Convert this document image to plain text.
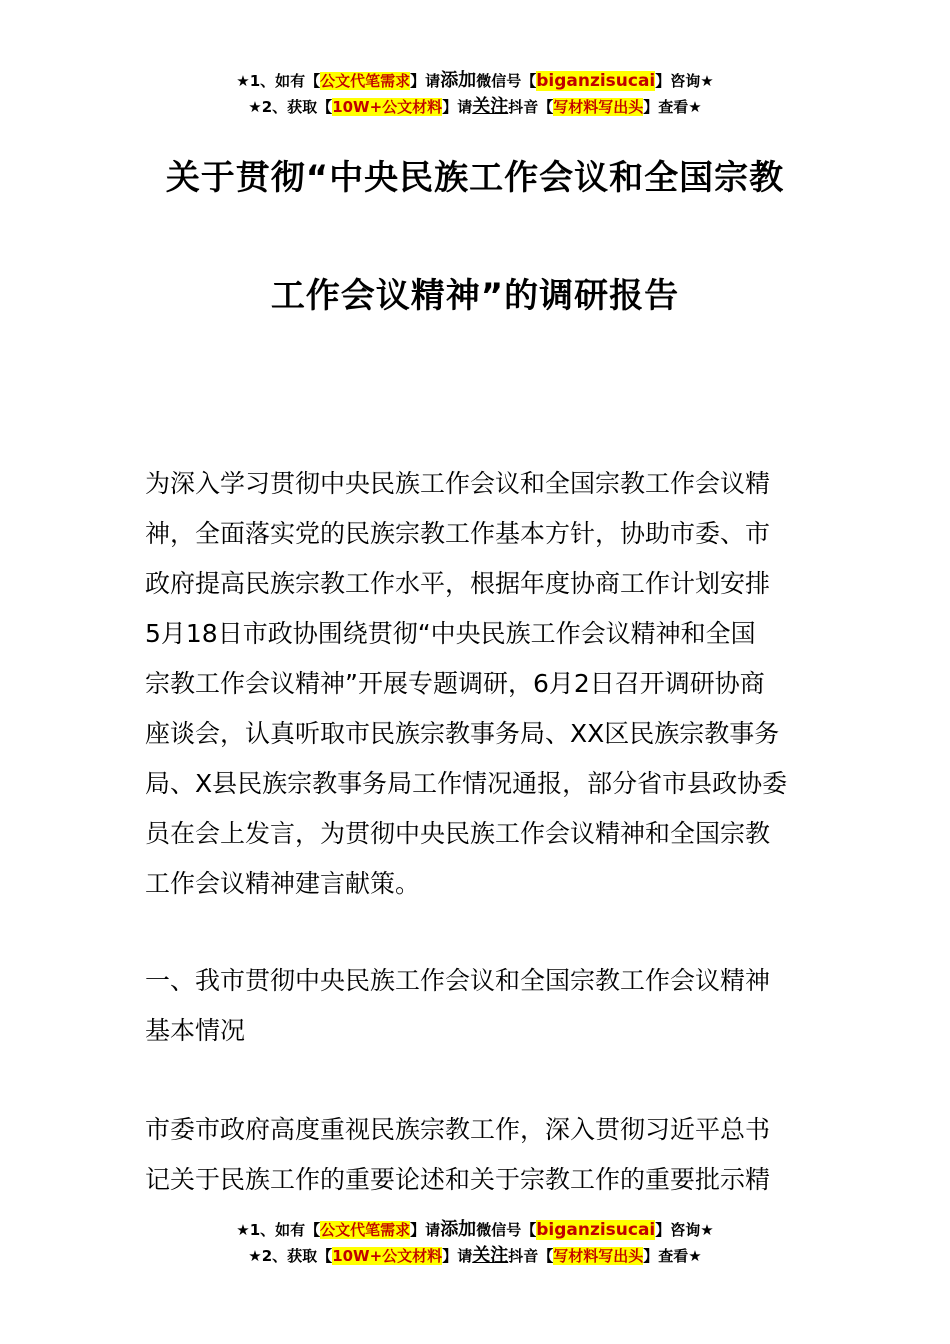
★1、如有【公文代笔需求】请添加微信号【biganzisucai】咨询★
★2、获取【10W+公文材料】请关注抖音【写材料写出头】查看★
关于贯彻“中央民族工作会议和全国宗教
工作会议精神”的调研报告
为深入学习贯彻中央民族工作会议和全国宗教工作会议精
神，全面落实党的民族宗教工作基本方针，协助市委、市
政府提高民族宗教工作水平，根据年度协商工作计划安排
5月18日市政协围绕贯彻“中央民族工作会议精神和全国
宗教工作会议精神”开展专题调研，6月2日召开调研协商
座谈会，认真听取市民族宗教事务局、XX区民族宗教事务
局、X县民族宗教事务局工作情况通报，部分省市县政协委
员在会上发言，为贯彻中央民族工作会议精神和全国宗教
工作会议精神建言献策。
一、我市贯彻中央民族工作会议和全国宗教工作会议精神
基本情况
市委市政府高度重视民族宗教工作，深入贯彻习近平总书
记关于民族工作的重要论述和关于宗教工作的重要批示精
★1、如有【公文代笔需求】请添加微信号【biganzisucai】咨询★
★2、获取【10W+公文材料】请关注抖音【写材料写出头】查看★
